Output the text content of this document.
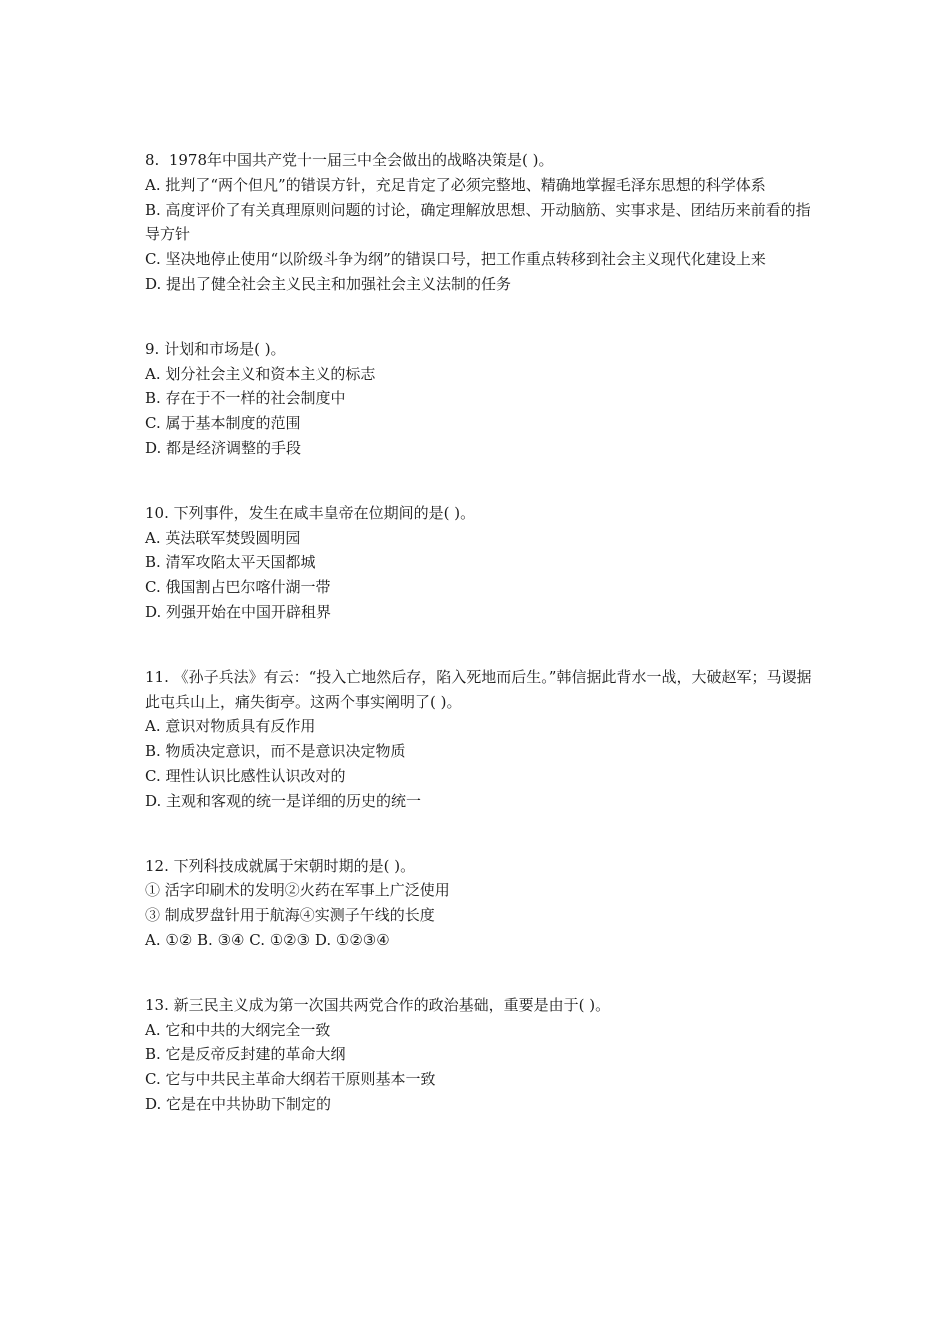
8.  1978年中国共产党十一届三中全会做出的战略决策是( )。

A. 批判了“两个但凡”的错误方针，充足肯定了必须完整地、精确地掌握毛泽东思想的科学体系

B. 高度评价了有关真理原则问题的讨论，确定理解放思想、开动脑筋、实事求是、团结历来前看的指导方针

C. 坚决地停止使用“以阶级斗争为纲”的错误口号，把工作重点转移到社会主义现代化建设上来

D. 提出了健全社会主义民主和加强社会主义法制的任务

9. 计划和市场是( )。

A. 划分社会主义和资本主义的标志

B. 存在于不一样的社会制度中

C. 属于基本制度的范围

D. 都是经济调整的手段

10. 下列事件，发生在咸丰皇帝在位期间的是( )。

A. 英法联军焚毁圆明园

B. 清军攻陷太平天国都城

C. 俄国割占巴尔喀什湖一带

D. 列强开始在中国开辟租界

11. 《孙子兵法》有云：“投入亡地然后存，陷入死地而后生。”韩信据此背水一战，大破赵军；马谡据此屯兵山上，痛失街亭。这两个事实阐明了( )。

A. 意识对物质具有反作用

B. 物质决定意识，而不是意识决定物质

C. 理性认识比感性认识改对的

D. 主观和客观的统一是详细的历史的统一

12. 下列科技成就属于宋朝时期的是( )。

① 活字印刷术的发明②火药在军事上广泛使用

③ 制成罗盘针用于航海④实测子午线的长度

A. ①② B. ③④ C. ①②③ D. ①②③④

13. 新三民主义成为第一次国共两党合作的政治基础，重要是由于( )。

A. 它和中共的大纲完全一致

B. 它是反帝反封建的革命大纲

C. 它与中共民主革命大纲若干原则基本一致

D. 它是在中共协助下制定的
